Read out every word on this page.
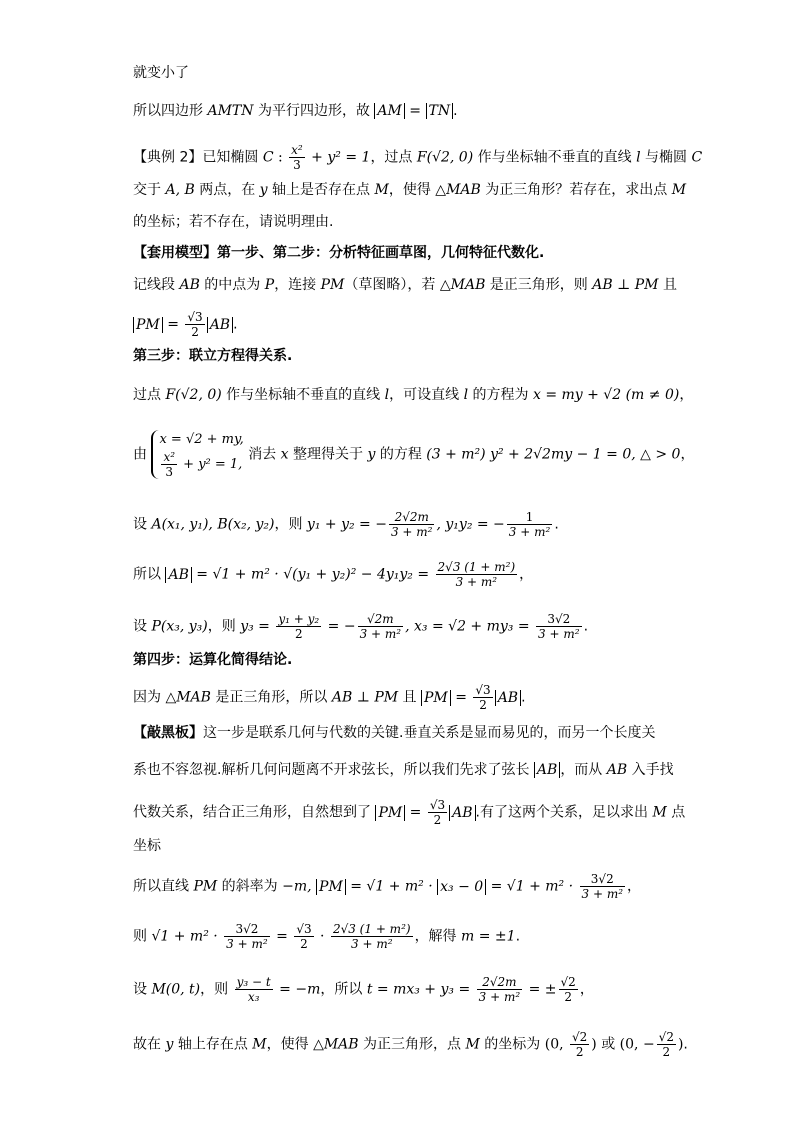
就变小了
所以四边形 AMTN 为平行四边形，故 AM = TN .
【典例 2】已知椭圆 C : $\frac{\text{x²}}{3} + y^2 = 1$，过点 F(√2, 0) 作与坐标轴不垂直的直线 l 与椭圆 C
交于 A, B 两点，在 y 轴上是否存在点 M，使得 △MAB 为正三角形？若存在，求出点 M
的坐标；若不存在，请说明理由.
【套用模型】第一步、第二步：分析特征画草图，几何特征代数化.
记线段 AB 的中点为 P，连接 PM（草图略），若 △MAB 是正三角形，则 AB ⊥ PM 且
PM = $\frac{√3}{2}$ AB .
第三步：联立方程得关系.
过点 F(√2, 0) 作与坐标轴不垂直的直线 l，可设直线 l 的方程为 x = my + √2 (m ≠ 0)，
由
x = √2 + my,
$\frac{\text{x²}}{3} + y^2 = 1$,
消去 x 整理得关于 y 的方程 (3 + m²) y² + 2√2my − 1 = 0, △ > 0，
设 A(x₁, y₁), B(x₂, y₂)，则 y₁ + y₂ = − $\frac{2√2m}{\text{3 + m²}}$ , y₁y₂ = − $\frac{1}{\text{3 + m²}}$ .
所以 AB = $√1 + m^2 \cdot √(y_1 + y_2)^2 - 4y_1y_2 = \frac{\text{2√3 (1 + m²)}}{\text{3 + m²}}$ ，
设 P(x₃, y₃)，则 $y_3 = \frac{\text{y₁ + y₂}}{2}$ = − $\frac{√2m}{\text{3 + m²}}$ , $x_3 = √2 + my_3 = \frac{3√2}{\text{3 + m²}}$ .
第四步：运算化简得结论.
因为 △MAB 是正三角形，所以 AB ⊥ PM 且 PM = $\frac{√3}{2}$ AB .
【敲黑板】这一步是联系几何与代数的关键.垂直关系是显而易见的，而另一个长度关
系也不容忽视.解析几何问题离不开求弦长，所以我们先求了弦长 AB ，而从 AB 入手找
代数关系，结合正三角形，自然想到了 PM = $\frac{√3}{2}$ AB .有了这两个关系，足以求出 M 点
坐标
所以直线 PM 的斜率为 −m, PM = $√1 + m^2 \cdot x_3 - 0 = √1 + m^2 \cdot \frac{3√2}{\text{3 + m²}}$ ，
则 $√1 + m^2 \cdot \frac{3√2}{\text{3 + m²}} = \frac{√3}{2} \cdot \frac{\text{2√3 (1 + m²)}}{\text{3 + m²}}$ ，解得 m = ±1.
设 M(0, t)，则 $\frac{\text{y₃ − t}}{\text{x₃}} = -m$，所以 $t = mx_3 + y_3 = \frac{2√2m}{\text{3 + m²}}$ = ± $\frac{√2}{2}$ ，
故在 y 轴上存在点 M，使得 △MAB 为正三角形，点 M 的坐标为 (0, $\frac{√2}{2}$ ) 或 (0, − $\frac{√2}{2}$ ).
